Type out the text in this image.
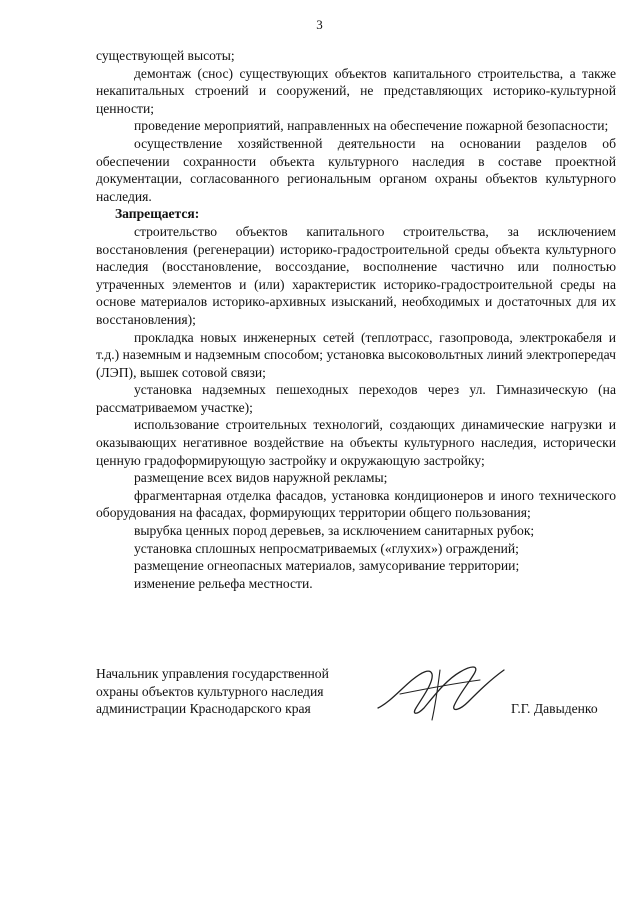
3

существующей высоты;

демонтаж (снос) существующих объектов капитального строительства, а также некапитальных строений и сооружений, не представляющих историко-культурной ценности;

проведение мероприятий, направленных на обеспечение пожарной безопасности;

осуществление хозяйственной деятельности на основании разделов об обеспечении сохранности объекта культурного наследия в составе проектной документации, согласованного региональным органом охраны объектов культурного наследия.

Запрещается:

строительство объектов капитального строительства, за исключением восстановления (регенерации) историко-градостроительной среды объекта культурного наследия (восстановление, воссоздание, восполнение частично или полностью утраченных элементов и (или) характеристик историко-градостроительной среды на основе материалов историко-архивных изысканий, необходимых и достаточных для их восстановления);

прокладка новых инженерных сетей (теплотрасс, газопровода, электрокабеля и т.д.) наземным и надземным способом; установка высоковольтных линий электропередач (ЛЭП), вышек сотовой связи;

установка надземных пешеходных переходов через ул. Гимназическую (на рассматриваемом участке);

использование строительных технологий, создающих динамические нагрузки и оказывающих негативное воздействие на объекты культурного наследия, исторически ценную градоформирующую застройку и окружающую застройку;

размещение всех видов наружной рекламы;

фрагментарная отделка фасадов, установка кондиционеров и иного технического оборудования на фасадах, формирующих территории общего пользования;

вырубка ценных пород деревьев, за исключением санитарных рубок;

установка сплошных непросматриваемых («глухих») ограждений;

размещение огнеопасных материалов, замусоривание территории;

изменение рельефа местности.

Начальник управления государственной
охраны объектов культурного наследия
администрации Краснодарского края	Г.Г. Давыденко
